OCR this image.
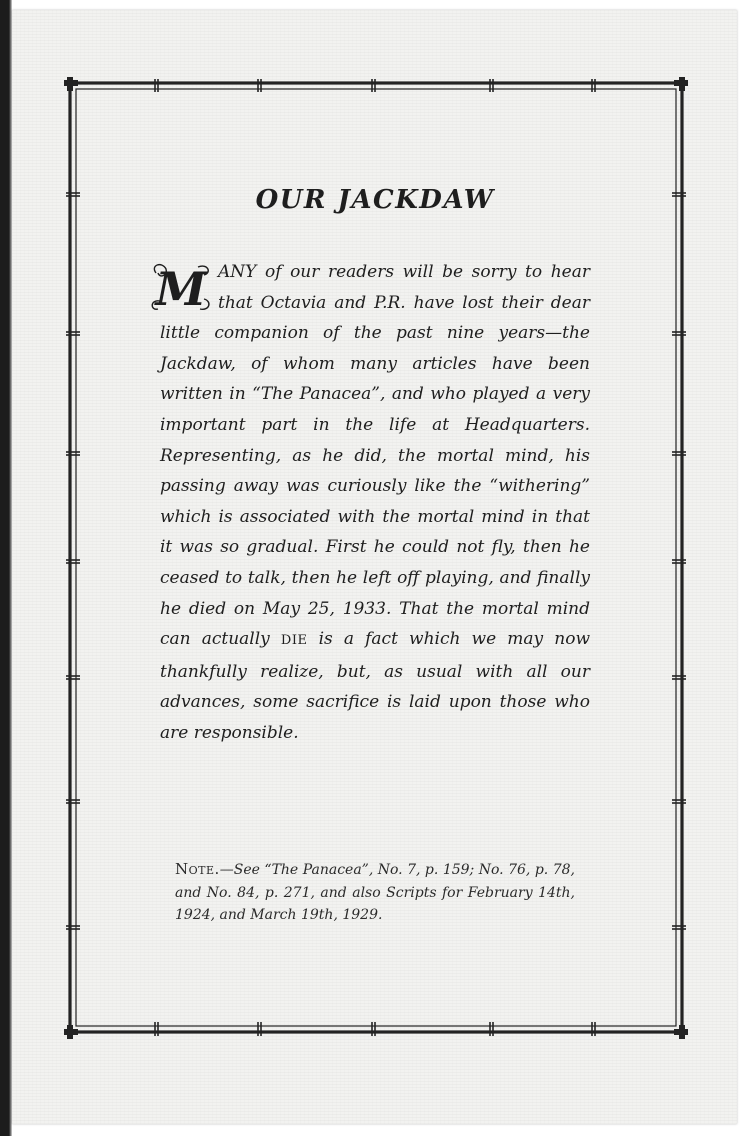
OUR JACKDAW

M ANY of our readers will be sorry to hear that Octavia and P.R. have lost their dear little companion of the past nine years—the Jackdaw, of whom many articles have been written in “The Panacea”, and who played a very important part in the life at Headquarters. Representing, as he did, the mortal mind, his passing away was curiously like the “withering” which is associated with the mortal mind in that it was so gradual. First he could not fly, then he ceased to talk, then he left off playing, and finally he died on May 25, 1933. That the mortal mind can actually DIE is a fact which we may now thankfully realize, but, as usual with all our advances, some sacrifice is laid upon those who are responsible.

Note.—See “The Panacea”, No. 7, p. 159; No. 76, p. 78, and No. 84, p. 271, and also Scripts for February 14th, 1924, and March 19th, 1929.
